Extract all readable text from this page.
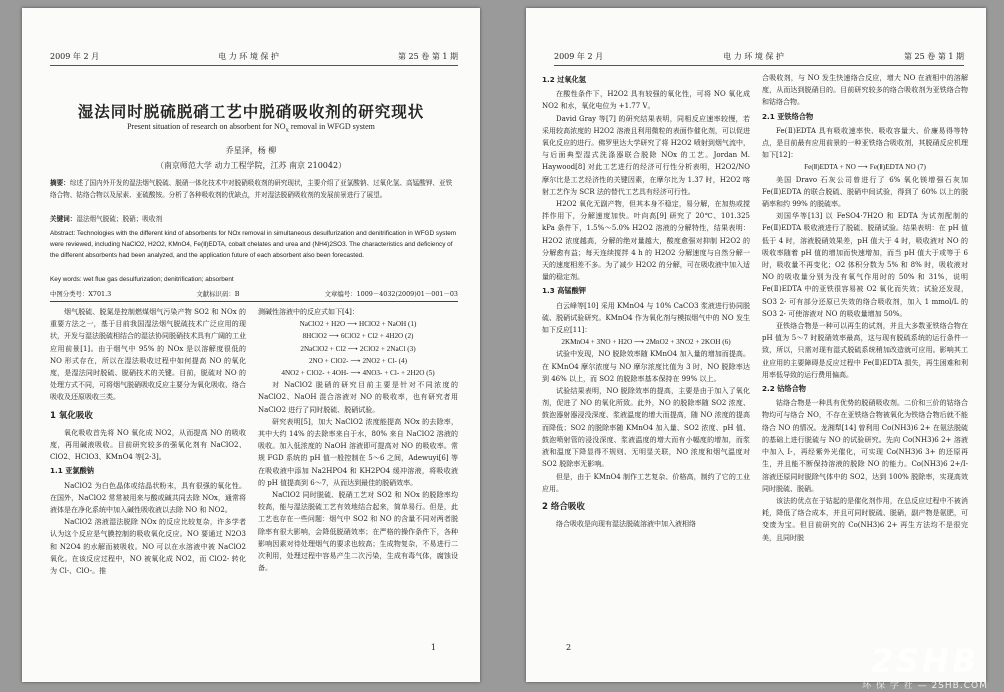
2009 年 2 月	电 力 环 境 保 护	第 25 卷 第 1 期
湿法同时脱硫脱硝工艺中脱硝吸收剂的研究现状
Present situation of research on absorbent for $NO_x$ removal in WFGD system
乔星泽，杨 柳
（南京师范大学 动力工程学院，江苏 南京 210042）
摘要：综述了国内外开发的湿法烟气脱硫、脱硝一体化技术中对脱硝吸收剂的研究现状，主要介绍了亚氯酸钠、过氧化氢、高锰酸钾、亚铁络合物、钴络合物以及尿素、亚硫酸铵。分析了各种吸收剂的优缺点，并对湿法脱硝吸收剂的发展前景进行了展望。
关键词：湿法烟气脱硫；脱硝；吸收剂
Abstract: Technologies with the different kind of absorbents for NOx removal in simultaneous desulfurization and denitrification in WFGD system were reviewed, including NaClO2, H2O2, KMnO4, Fe(Ⅱ)EDTA, cobalt chelates and urea and (NH4)2SO3. The characteristics and deficiency of the different absorbents had been analyzed, and the application future of each absorbent also been forecasted.
Key words: wet flue gas desulfurization; denitrification; absorbent
中图分类号：X701.3	文献标识码：B	文章编号：1009－4032(2009)01－001－03

烟气脱硫、脱氮是控制燃煤烟气污染产物 SO2 和 NOx 的重要方法之一，基于目前我国湿法烟气脱硫技术广泛应用的现状，开发与湿法脱硫相结合的湿法协同脱硝技术具有广阔的工业应用前景[1]。由于烟气中 95% 的 NOx 是以溶解度很低的 NO 形式存在，所以在湿法吸收过程中如何提高 NO 的氧化度，是湿法同时脱硫、脱硝技术的关键。目前，脱硫对 NO 的处理方式不同，可将烟气脱硝吸收反应主要分为氧化吸收、络合吸收及还原吸收三类。

1 氧化吸收

氧化吸收首先将 NO 氧化成 NO2，从而提高 NO 的吸收度，再用碱液吸收。目前研究较多的强氧化剂有 NaClO2、ClO2、HClO3、KMnO4 等[2-3]。

1.1 亚氯酸钠

NaClO2 为白色晶体或结晶状粉末，具有很强的氧化性。在国外，NaClO2 常常被用来与酸或碱共同去除 NOx，通常将液体是在净化系统中加入碱性吸收液以去除 NO 和 NO2。

NaClO2 溶液湿法脱除 NOx 的反应比较复杂，许多学者认为这个反应是气膜控制的吸收氧化反应。NO 要通过 N2O3 和 N2O4 的水解而被吸收。NO 可以在水溶液中被 NaClO2 氧化。在该反应过程中，NO 被氧化成 NO2，而 ClO2- 转化为 Cl-、ClO-。推

测碱性溶液中的反应式如下[4]：

NaClO2 + H2O ⟶ HClO2 + NaOH (1)
8HClO2 ⟶ 6ClO2 + Cl2 + 4H2O (2)
2NaClO2 + Cl2 ⟶ 2ClO2 + 2NaCl (3)
2NO + ClO2- ⟶ 2NO2 + Cl- (4)
4NO2 + ClO2- + 4OH- ⟶ 4NO3- + Cl- + 2H2O (5)

对 NaClO2 脱硝的研究目前主要是针对不同浓度的 NaClO2、NaOH 混合溶液对 NO 的吸收率，也有研究者用 NaClO2 进行了同时脱硫、脱硝试验。

研究表明[5]，加大 NaClO2 浓度能提高 NOx 的去除率，其中大约 14% 的去除率来自于水，80% 来自 NaClO2 溶液的吸收。加入低浓度的 NaOH 溶液即可提高对 NO 的吸收率。常规 FGD 系统的 pH 值一般控制在 5～6 之间，Adewuyi[6] 等在吸收液中添加 Na2HPO4 和 KH2PO4 缓冲溶液，将吸收液的 pH 值提高到 6～7，从而达到最佳的脱硝效率。

NaClO2 同时脱硫、脱硝工艺对 SO2 和 NOx 的脱除率均较高，能与湿法脱硫工艺有效地结合起来，简单易行。但是，此工艺也存在一些问题：烟气中 SO2 和 NO 的含量不同对两者脱除率有很大影响，会降低脱硝效率；在严格的操作条件下，各种影响因素对待处理烟气的要求也较高；生成物复杂，不易进行二次利用，处理过程中容易产生二次污染，生成有毒气体，腐蚀设备。

1
2009 年 2 月	电 力 环 境 保 护	第 25 卷 第 1 期
1.2 过氧化氢

在酸性条件下，H2O2 具有较强的氧化性，可将 NO 氧化成 NO2 和水，氧化电位为 +1.77 V。

David Gray 等[7] 的研究结果表明，同相反应速率较慢，若采用较高浓度的 H2O2 溶液且利用微粒的表面作催化剂，可以促进氧化反应的进行。佛罗里达大学研究了将 H2O2 喷射到烟气流中，与后面典型湿式洗涤器联合脱除 NOx 的工艺。Jordan M. Haywood[8] 对此工艺进行的经济可行性分析表明，H2O2/NO 摩尔比是工艺经济性的关键因素，在摩尔比为 1.37 时，H2O2 喀射工艺作为 SCR 法的替代工艺具有经济可行性。

H2O2 氧化无副产物，但其本身不稳定，易分解，在加热或搅拌作用下，分解速度加快。叶向高[9] 研究了 20℃、101.325 kPa 条件下，1.5%～5.0% H2O2 溶液的分解特性，结果表明：H2O2 浓度越高，分解的绝对量越大，酸度愈强对抑制 H2O2 的分解愈有益；每天连续搅拌 4 h 的 H2O2 分解速度与自然分解一天的速度相差不多。为了减少 H2O2 的分解，可在吸收液中加入适量的稳定剂。

1.3 高锰酸钾

白云峰等[10] 采用 KMnO4 与 10% CaCO3 浆液进行协同脱硫、脱硝试验研究。KMnO4 作为氧化剂与模拟烟气中的 NO 发生如下反应[11]：

2KMnO4 + 3NO + H2O ⟶ 2MnO2 + 3NO2 + 2KOH (6)

试验中发现，NO 脱除效率随 KMnO4 加入量的增加而提高。在 KMnO4 摩尔浓度与 NO 摩尔浓度比值为 3 时，NO 脱除率达到 46% 以上，而 SO2 的脱除率基本保持在 99% 以上。

试验结果表明，NO 脱除效率的提高，主要是由于加入了氧化剂，促进了 NO 的氧化所致。此外，NO 的脱除率随 SO2 浓度、鼓泡器射器浸没深度、浆液温度的增大而提高，随 NO 浓度的提高而降低；SO2 的脱除率随 KMnO4 加入量、SO2 浓度、pH 值、鼓泡喷射管的浸没深度、浆液温度的增大而有小幅度的增加，而浆液和温度下降显得不规则、无明显关联，NO 浓度和烟气温度对 SO2 脱除率无影响。

但是，由于 KMnO4 制作工艺复杂、价格高，制约了它的工业应用。

2 络合吸收

络合吸收是向现有湿法脱硫溶液中加入液相络

合吸收剂，与 NO 发生快速络合反应，增大 NO 在液相中的溶解度，从而达到脱硝目的。目前研究较多的络合吸收剂为亚铁络合物和钴络合物。

2.1 亚铁络合物

Fe(Ⅱ)EDTA 具有吸收速率快、吸收容量大、价廉易得等特点，是目前最有应用前景的一种亚铁络合吸收剂，其脱硝反应机理如下[12]：

Fe(Ⅱ)EDTA + NO ⟶ Fe(Ⅱ)EDTA NO (7)

美国 Dravo 石灰公司曾进行了 6% 氧化镁增强石灰加 Fe(Ⅱ)EDTA 的联合脱硫、脱硝中间试验，得到了 60% 以上的脱硝率和约 99% 的脱硫率。

刘国华等[13] 以 FeSO4·7H2O 和 EDTA 为试剂配制的 Fe(Ⅱ)EDTA 吸收液进行了脱硫、脱硝试验。结果表明：在 pH 值低于 4 时，溶液脱硝效果差，pH 值大于 4 时，吸收液对 NO 的吸收率随着 pH 值的增加而快速增加，而当 pH 值大于或等于 6 时，吸收量不再变化；O2 体积分数为 5% 和 8% 时，吸收液对 NO 的吸收量分别为没有氧气作用时的 50% 和 31%，说明 Fe(Ⅱ)EDTA 中的亚铁很容易被 O2 氧化而失效；试验还发现，SO3 2- 可有部分还原已失效的络合吸收剂，加入 1 mmol/L 的 SO3 2- 可使溶液对 NO 的吸收量增加 50%。

亚铁络合物是一种可以再生的试剂，并且大多数亚铁络合物在 pH 值为 5～7 时脱硝效率最高，这与现有脱硫系统的运行条件一致，所以，只需对现有湿式脱硫系统稍加改造就可应用。影响其工业应用的主要障碍是反应过程中 Fe(Ⅱ)EDTA 损失，再生困难和利用率低导致的运行费用偏高。

2.2 钴络合物

钴络合物是一种具有优势的脱硝吸收剂。二价和三价的钴络合物均可与络合 NO，不存在亚铁络合物被氧化为铁络合物后就不能络合 NO 的情况。龙湘犁[14] 曾利用 Co(NH3)6 2+ 在氨法脱硫的基础上进行脱硫与 NO 的试验研究。先向 Co(NH3)6 2+ 溶液中加入 I-，再经紫外光催化，可实现 Co(NH3)6 3+ 的还原再生，并且能不断保持溶液的脱除 NO 的能力。Co(NH3)6 2+/I- 溶液还原同时脱除气体中的 SO2，达到 100% 脱除率，实现高效同时脱硫、脱硝。

该法的优点在于钴起的是催化剂作用，在总反应过程中不被消耗，降低了络合成本，并且可同时脱硫、脱硝，副产物是氨肥，可变废为宝。但目前研究的 Co(NH3)6 2+ 再生方法均不是很完美，且同时脱

2	2SHB
环 保 学 社 — 2SHB.COM
